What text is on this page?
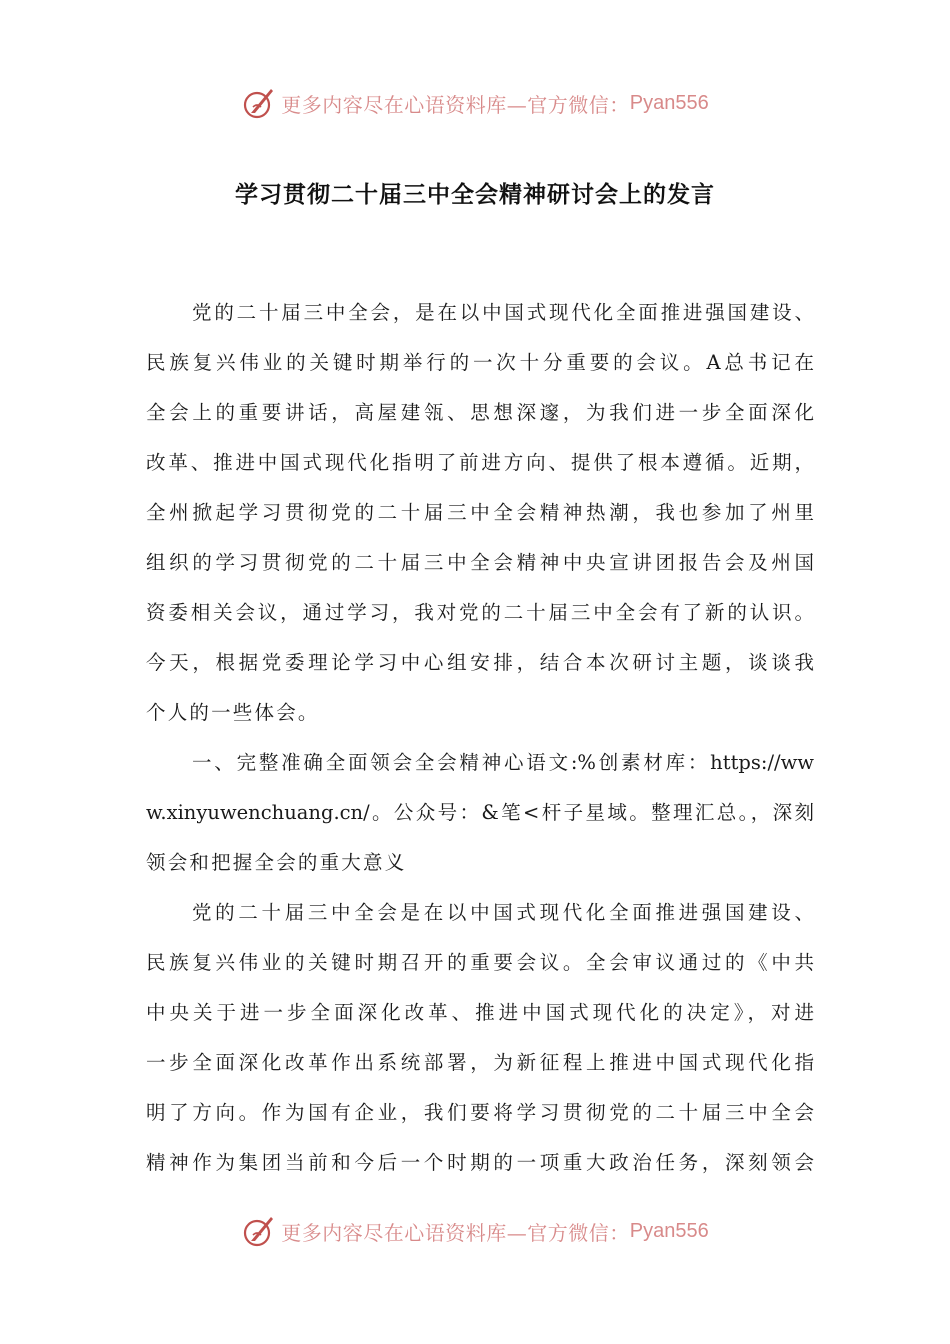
更多内容尽在心语资料库—官方微信： Pyan556
学习贯彻二十届三中全会精神研讨会上的发言
党的二十届三中全会，是在以中国式现代化全面推进强国建设、
民族复兴伟业的关键时期举行的一次十分重要的会议。A总书记在
全会上的重要讲话，高屋建瓴、思想深邃，为我们进一步全面深化
改革、推进中国式现代化指明了前进方向、提供了根本遵循。近期，
全州掀起学习贯彻党的二十届三中全会精神热潮，我也参加了州里
组织的学习贯彻党的二十届三中全会精神中央宣讲团报告会及州国
资委相关会议，通过学习，我对党的二十届三中全会有了新的认识。
今天，根据党委理论学习中心组安排，结合本次研讨主题，谈谈我
个人的一些体会。
一、完整准确全面领会全会精神心语文:%创素材库：https://ww
w.xinyuwenchuang.cn/。公众号：&笔<杆子星域。整理汇总。，深刻
领会和把握全会的重大意义
党的二十届三中全会是在以中国式现代化全面推进强国建设、
民族复兴伟业的关键时期召开的重要会议。全会审议通过的《中共
中央关于进一步全面深化改革、推进中国式现代化的决定》，对进
一步全面深化改革作出系统部署，为新征程上推进中国式现代化指
明了方向。作为国有企业，我们要将学习贯彻党的二十届三中全会
精神作为集团当前和今后一个时期的一项重大政治任务，深刻领会
更多内容尽在心语资料库—官方微信： Pyan556
